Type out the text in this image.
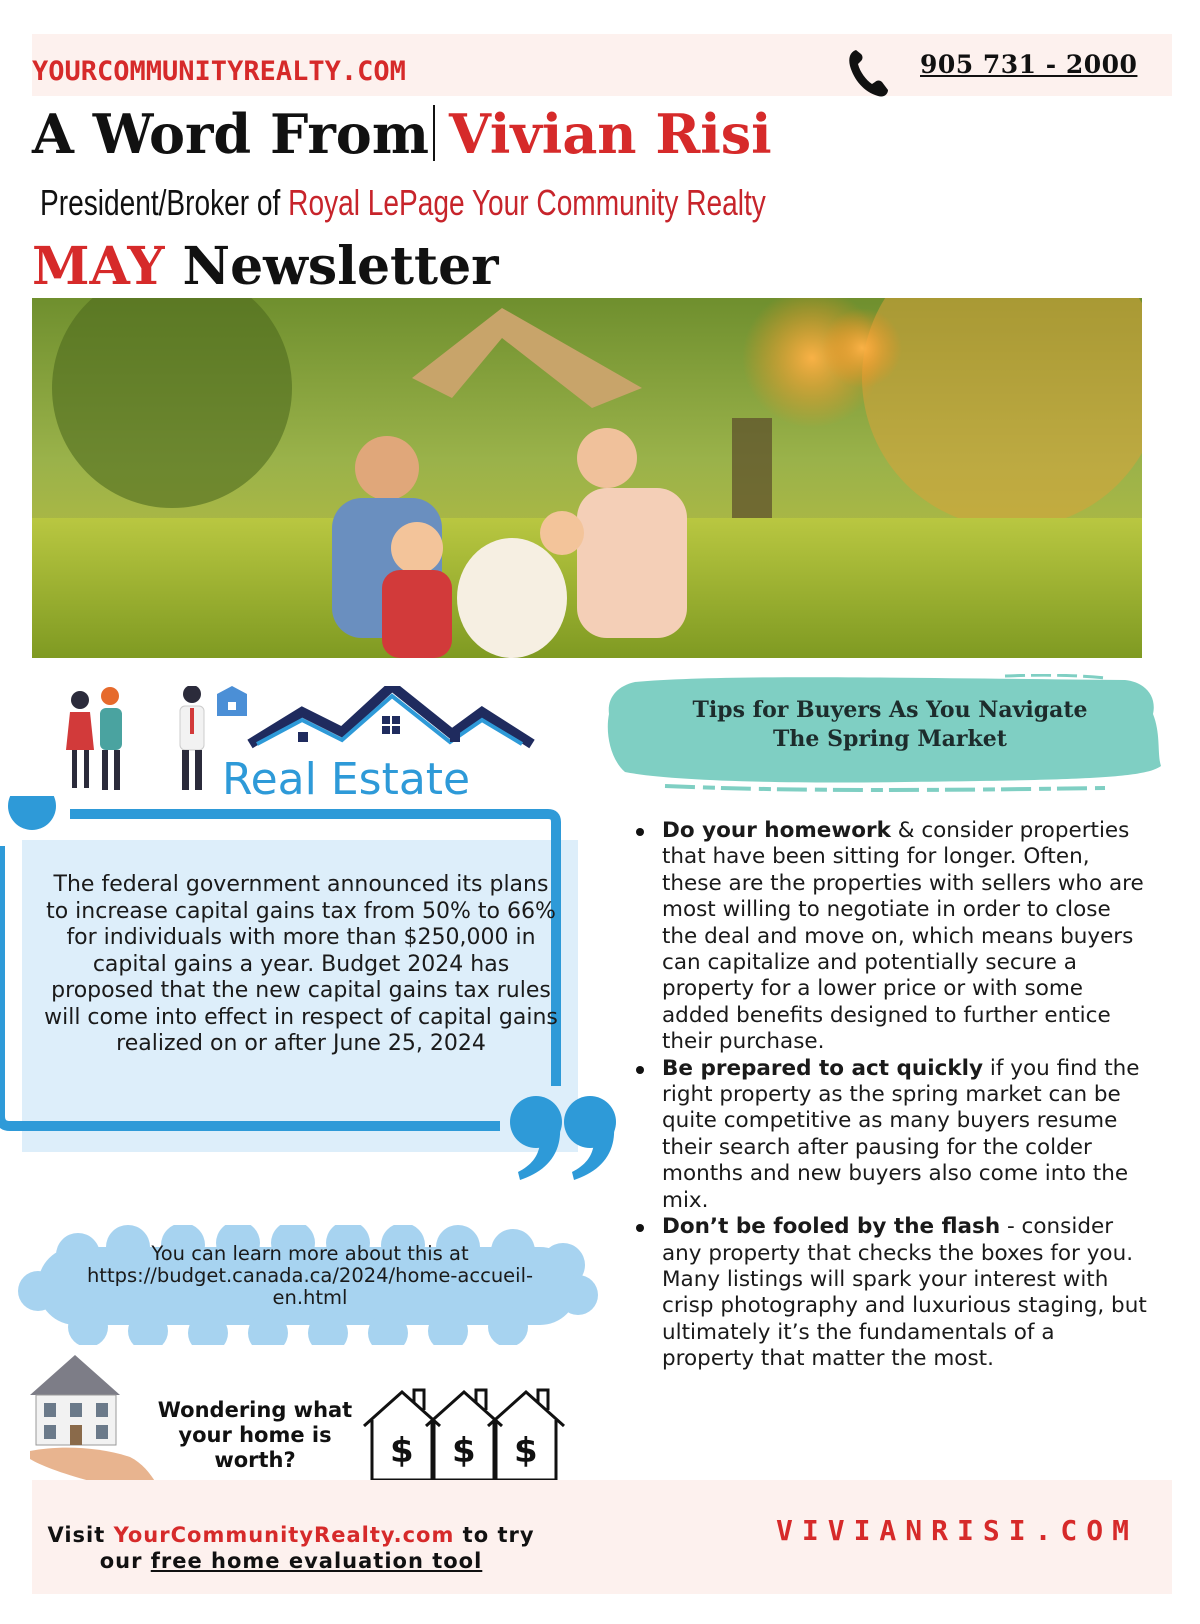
YOURCOMMUNITYREALTY.COM	905 731 - 2000
A Word From Vivian Risi
President/Broker of Royal LePage Your Community Realty
MAY Newsletter
Real Estate
The federal government announced its plans to increase capital gains tax from 50% to 66% for individuals with more than $250,000 in capital gains a year. Budget 2024 has proposed that the new capital gains tax rules will come into effect in respect of capital gains realized on or after June 25, 2024
You can learn more about this at https://budget.canada.ca/2024/home-accueil-en.html
Wondering what your home is worth?	$ $ $
Tips for Buyers As You Navigate
The Spring Market
Do your homework & consider properties that have been sitting for longer. Often, these are the properties with sellers who are most willing to negotiate in order to close the deal and move on, which means buyers can capitalize and potentially secure a property for a lower price or with some added benefits designed to further entice their purchase.
Be prepared to act quickly if you find the right property as the spring market can be quite competitive as many buyers resume their search after pausing for the colder months and new buyers also come into the mix.
Don’t be fooled by the flash - consider any property that checks the boxes for you. Many listings will spark your interest with crisp photography and luxurious staging, but ultimately it’s the fundamentals of a property that matter the most.
Visit YourCommunityRealty.com to try
our free home evaluation tool
VIVIANRISI.COM
